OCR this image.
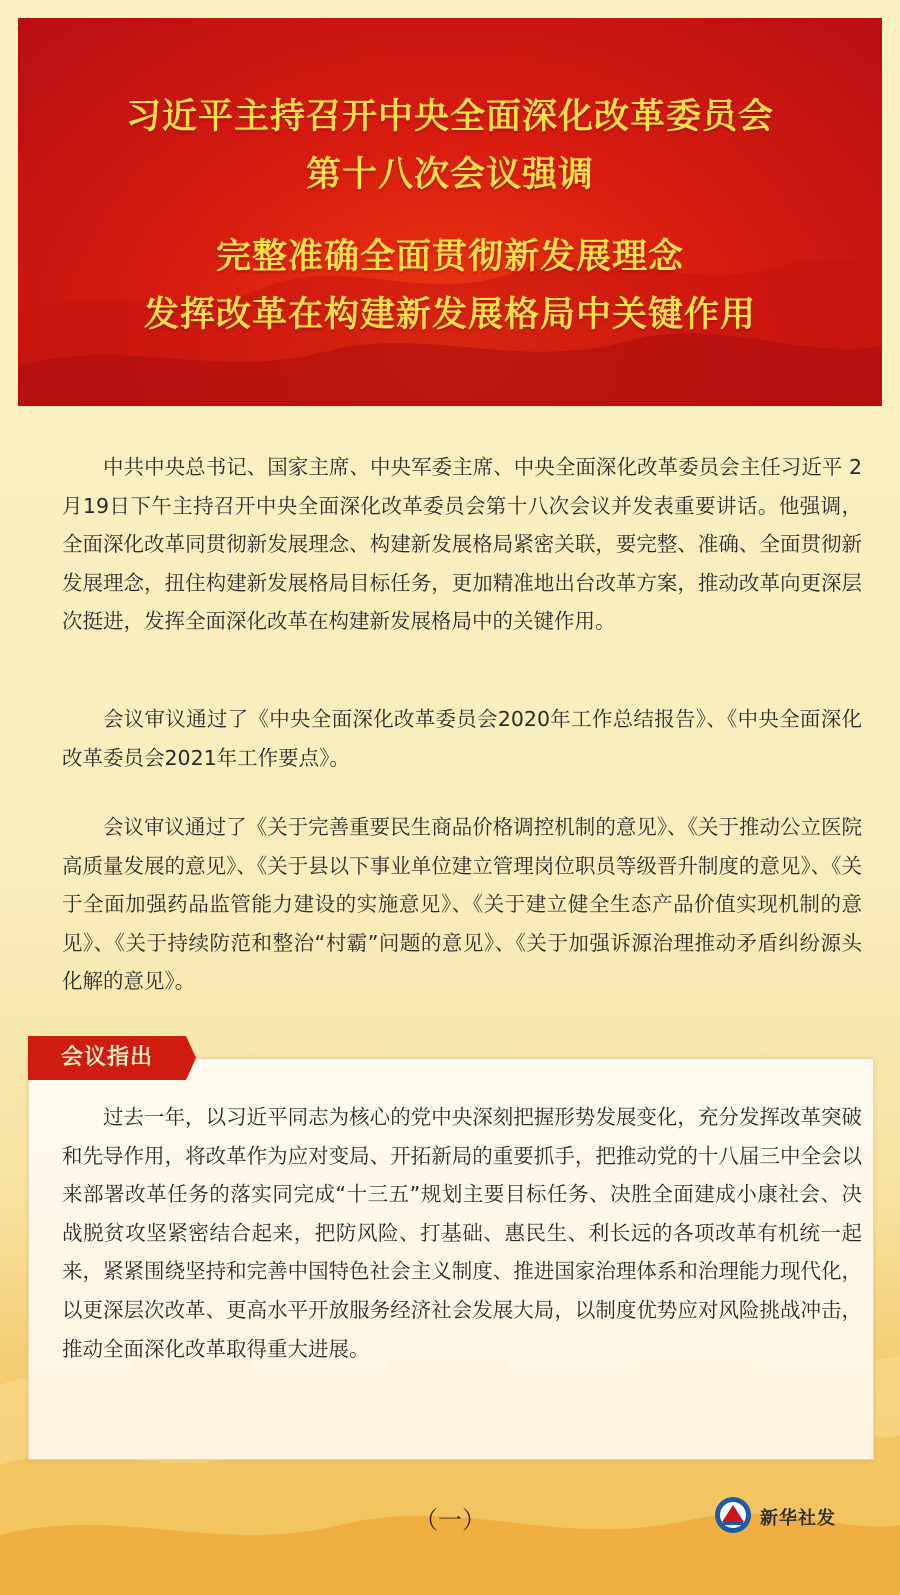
习近平主持召开中央全面深化改革委员会
第十八次会议强调
完整准确全面贯彻新发展理念
发挥改革在构建新发展格局中关键作用
中共中央总书记、国家主席、中央军委主席、中央全面深化改革委员会主任习近平 2月19日下午主持召开中央全面深化改革委员会第十八次会议并发表重要讲话。他强调，全面深化改革同贯彻新发展理念、构建新发展格局紧密关联，要完整、准确、全面贯彻新发展理念，扭住构建新发展格局目标任务，更加精准地出台改革方案，推动改革向更深层次挺进，发挥全面深化改革在构建新发展格局中的关键作用。
会议审议通过了《中央全面深化改革委员会2020年工作总结报告》、《中央全面深化改革委员会2021年工作要点》。
会议审议通过了《关于完善重要民生商品价格调控机制的意见》、《关于推动公立医院高质量发展的意见》、《关于县以下事业单位建立管理岗位职员等级晋升制度的意见》、《关于全面加强药品监管能力建设的实施意见》、《关于建立健全生态产品价值实现机制的意见》、《关于持续防范和整治“村霸”问题的意见》、《关于加强诉源治理推动矛盾纠纷源头化解的意见》。
会议指出
过去一年，以习近平同志为核心的党中央深刻把握形势发展变化，充分发挥改革突破和先导作用，将改革作为应对变局、开拓新局的重要抓手，把推动党的十八届三中全会以来部署改革任务的落实同完成“十三五”规划主要目标任务、决胜全面建成小康社会、决战脱贫攻坚紧密结合起来，把防风险、打基础、惠民生、利长远的各项改革有机统一起来，紧紧围绕坚持和完善中国特色社会主义制度、推进国家治理体系和治理能力现代化，以更深层次改革、更高水平开放服务经济社会发展大局，以制度优势应对风险挑战冲击，推动全面深化改革取得重大进展。
（一）	新华社发
